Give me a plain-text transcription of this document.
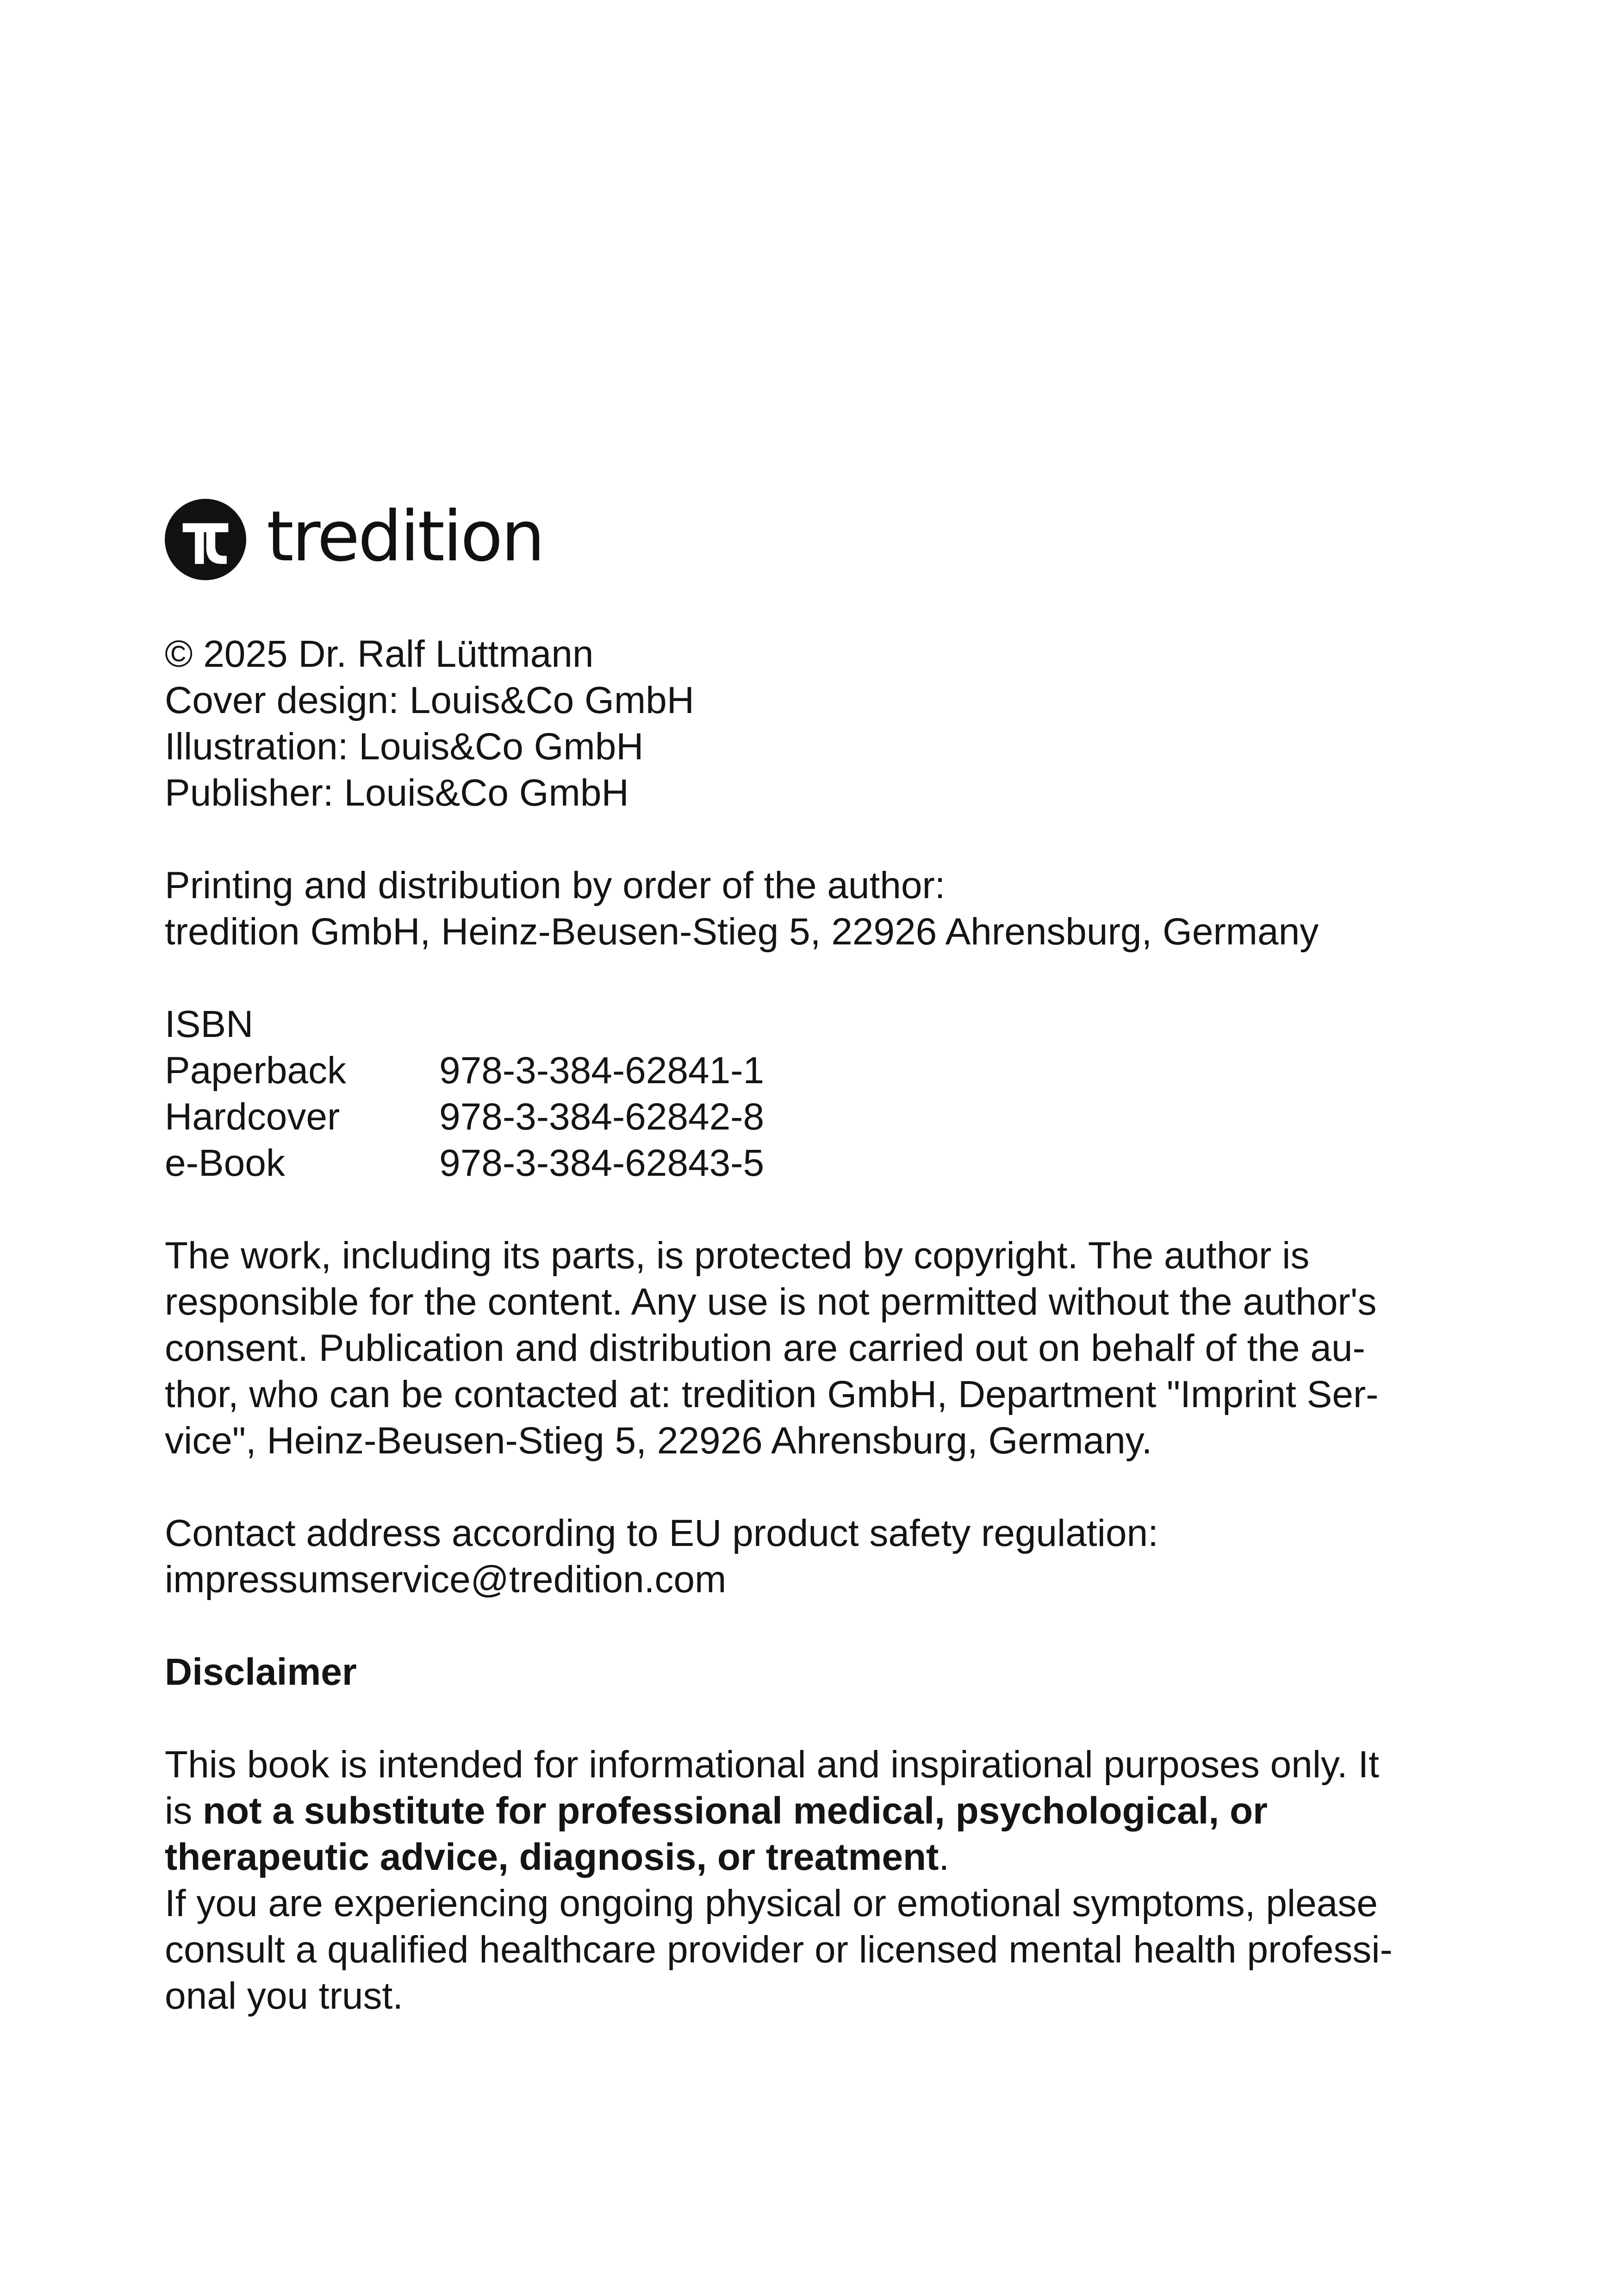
tredition
© 2025 Dr. Ralf Lüttmann
Cover design: Louis&Co GmbH
Illustration: Louis&Co GmbH
Publisher: Louis&Co GmbH
Printing and distribution by order of the author:
tredition GmbH, Heinz-Beusen-Stieg 5, 22926 Ahrensburg, Germany
ISBN
Paperback	978-3-384-62841-1
Hardcover	978-3-384-62842-8
e-Book	978-3-384-62843-5
The work, including its parts, is protected by copyright. The author is
responsible for the content. Any use is not permitted without the author's
consent. Publication and distribution are carried out on behalf of the au-
thor, who can be contacted at: tredition GmbH, Department "Imprint Ser-
vice", Heinz-Beusen-Stieg 5, 22926 Ahrensburg, Germany.
Contact address according to EU product safety regulation:
impressumservice@tredition.com
Disclaimer
This book is intended for informational and inspirational purposes only. It
is not a substitute for professional medical, psychological, or
therapeutic advice, diagnosis, or treatment.
If you are experiencing ongoing physical or emotional symptoms, please
consult a qualified healthcare provider or licensed mental health professi-
onal you trust.
